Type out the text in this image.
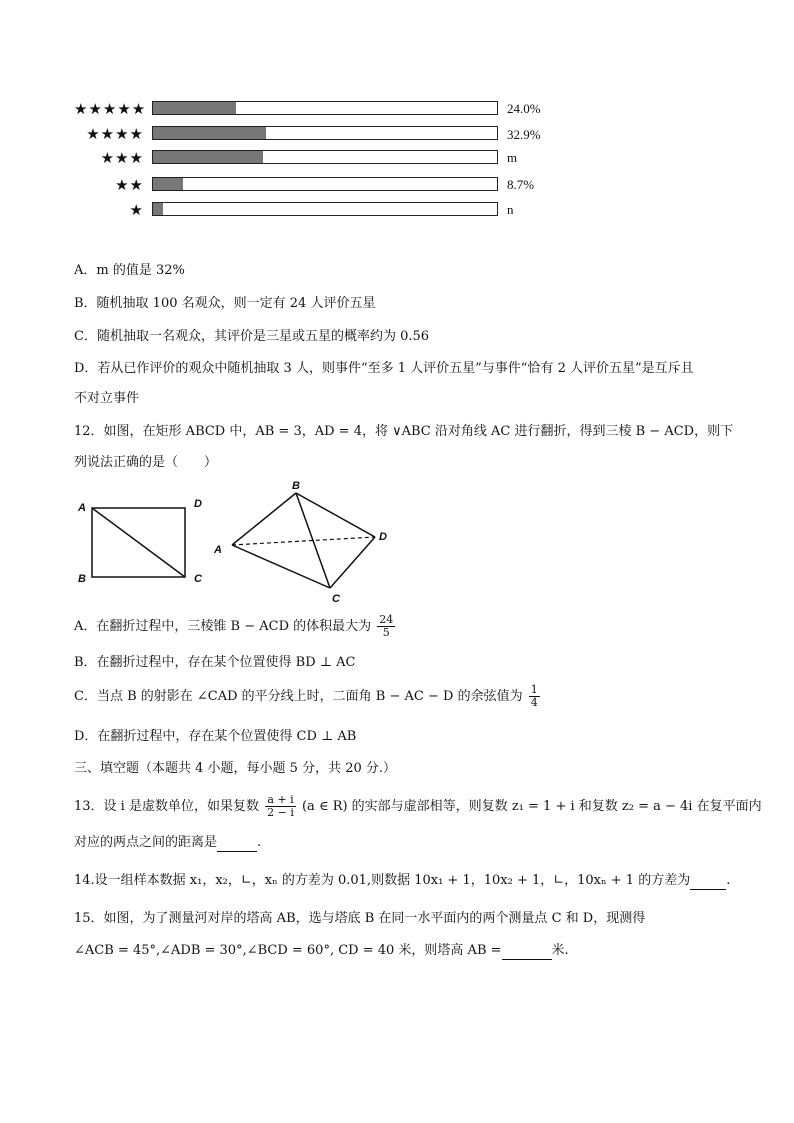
★★★★★	24.0%
★★★★	32.9%
★★★	m
★★	8.7%
★	n
A．m 的值是 32%
B．随机抽取 100 名观众，则一定有 24 人评价五星
C．随机抽取一名观众，其评价是三星或五星的概率约为 0.56
D．若从已作评价的观众中随机抽取 3 人，则事件“至多 1 人评价五星”与事件“恰有 2 人评价五星”是互斥且
不对立事件
12．如图，在矩形 ABCD 中，AB = 3，AD = 4，将 ∨ABC 沿对角线 AC 进行翻折，得到三棱 B − ACD，则下
列说法正确的是（　　）
A
B	C
D
A
B
C
D
A．在翻折过程中，三棱锥 B − ACD 的体积最大为 $\frac{24}{5}$
B．在翻折过程中，存在某个位置使得 BD ⊥ AC
C．当点 B 的射影在 ∠CAD 的平分线上时，二面角 B − AC − D 的余弦值为 $\frac{1}{4}$
D．在翻折过程中，存在某个位置使得 CD ⊥ AB
三、填空题（本题共 4 小题，每小题 5 分，共 20 分.）
13．设 i 是虚数单位，如果复数 $\frac{a + i}{2 - i} (a$ ∈ R) 的实部与虚部相等，则复数 z₁ = 1 + i 和复数 z₂ = a − 4i 在复平面内
对应的两点之间的距离是	.
14.设一组样本数据 x₁，x₂，∟，xₙ 的方差为 0.01,则数据 10x₁ + 1，10x₂ + 1，∟，10xₙ + 1 的方差为	.
15．如图，为了测量河对岸的塔高 AB，选与塔底 B 在同一水平面内的两个测量点 C 和 D，现测得
∠ACB = 45°,∠ADB = 30°,∠BCD = 60°, CD = 40 米，则塔高 AB =	米.
